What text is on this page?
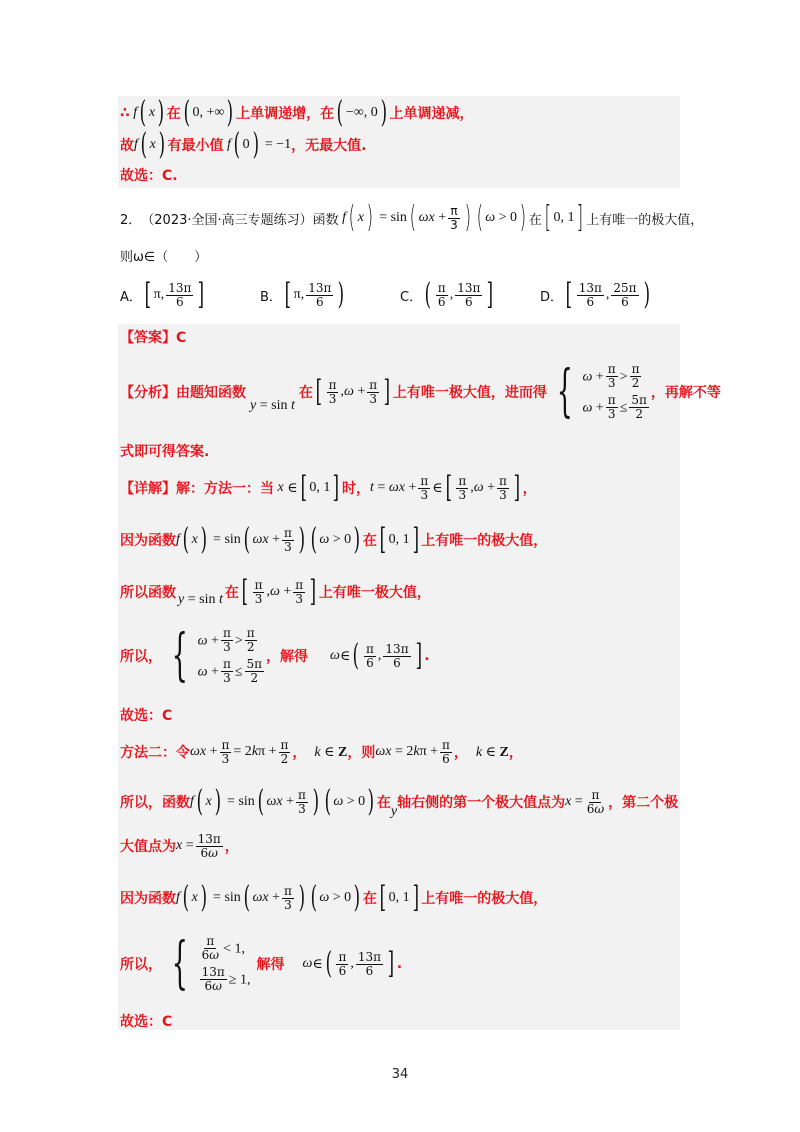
∴ f ( x ) 在 ( 0, +∞ ) 上单调递增，在 ( −∞, 0 ) 上单调递减，
故 f ( x ) 有最小值 f ( 0 ) = −1 ，无最大值.
故选：C.
2． （2023·全国·高三专题练习）函数 f ( x ) = sin ( $\omega x + \frac{\pi}{3}$ ) ( ω > 0 ) 在 [ 0, 1 ] 上有唯一的极大值，
则ω∈（　　）
A． [ π, $\frac{13\pi}{6}$ ]	B． [ π, $\frac{13\pi}{6}$ )	C． ( $\frac{\pi}{6}$ , $\frac{13\pi}{6}$ ]	D． [ $\frac{13\pi}{6}$ , $\frac{25\pi}{6}$ )
【答案】C
【分析】由题知函数
y = sin t
在 [ $\frac{\pi}{3}$ , $\omega + \frac{\pi}{3}$ ] 上有唯一极大值，进而得 { $\omega + \frac{\pi}{3} > \frac{\pi}{2}$
$\omega + \frac{\pi}{3} \le \frac{5\pi}{2}$
，再解不等
式即可得答案.
【详解】解：方法一：当 x ∈ [ 0, 1 ] 时， $t = \omega x + \frac{\pi}{3}$ ∈ [ $\frac{\pi}{3}$ , $\omega + \frac{\pi}{3}$ ] ，
因为函数 f ( x ) = sin ( $\omega x + \frac{\pi}{3}$ ) ( ω > 0 ) 在 [ 0, 1 ] 上有唯一的极大值，
所以函数 y = sin t 在 [ $\frac{\pi}{3}$ , $\omega + \frac{\pi}{3}$ ] 上有唯一极大值，
所以， { $\omega + \frac{\pi}{3} > \frac{\pi}{2}$
$\omega + \frac{\pi}{3} \le \frac{5\pi}{2}$
，解得 ω ∈ ( $\frac{\pi}{6}$ , $\frac{13\pi}{6}$ ] .
故选：C
方法二：令 $\omega x + \frac{\pi}{3} = 2k\pi + \frac{\pi}{2}$ ， k ∈ Z ，则 $\omega x = 2k\pi + \frac{\pi}{6}$ ， k ∈ Z ，
所以，函数 f ( x ) = sin ( $\omega x + \frac{\pi}{3}$ ) ( ω > 0 ) 在
y
轴右侧的第一个极大值点为 $x = \frac{\pi}{6\omega}$ ，第二个极
大值点为 $x = \frac{13\pi}{6\omega}$ ，
因为函数 f ( x ) = sin ( $\omega x + \frac{\pi}{3}$ ) ( ω > 0 ) 在 [ 0, 1 ] 上有唯一的极大值，
所以， { $\frac{\pi}{6\omega} < 1$,
$\frac{13\pi}{6\omega} \ge 1$,
解得 ω ∈ ( $\frac{\pi}{6}$ , $\frac{13\pi}{6}$ ] .
故选：C
34
